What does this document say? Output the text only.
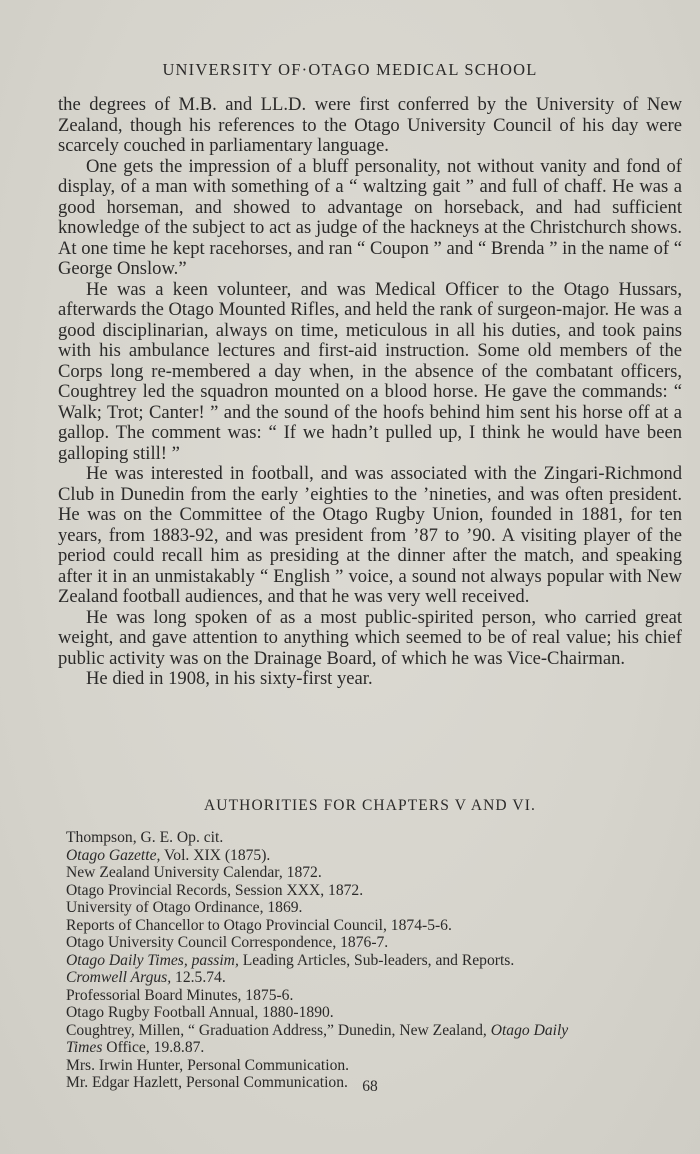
UNIVERSITY OF·OTAGO MEDICAL SCHOOL

the degrees of M.B. and LL.D. were first conferred by the University of New Zealand, though his references to the Otago University Council of his day were scarcely couched in parliamentary language.

One gets the impression of a bluff personality, not without vanity and fond of display, of a man with something of a “ waltzing gait ” and full of chaff. He was a good horseman, and showed to advantage on horseback, and had sufficient knowledge of the subject to act as judge of the hackneys at the Christchurch shows. At one time he kept racehorses, and ran “ Coupon ” and “ Brenda ” in the name of “ George Onslow.”

He was a keen volunteer, and was Medical Officer to the Otago Hussars, afterwards the Otago Mounted Rifles, and held the rank of surgeon-major. He was a good disciplinarian, always on time, meticulous in all his duties, and took pains with his ambulance lectures and first-aid instruction. Some old members of the Corps long re-membered a day when, in the absence of the combatant officers, Coughtrey led the squadron mounted on a blood horse. He gave the commands: “ Walk; Trot; Canter! ” and the sound of the hoofs behind him sent his horse off at a gallop. The comment was: “ If we hadn’t pulled up, I think he would have been galloping still! ”

He was interested in football, and was associated with the Zingari-Richmond Club in Dunedin from the early ’eighties to the ’nineties, and was often president. He was on the Committee of the Otago Rugby Union, founded in 1881, for ten years, from 1883-92, and was president from ’87 to ’90. A visiting player of the period could recall him as presiding at the dinner after the match, and speaking after it in an unmistakably “ English ” voice, a sound not always popular with New Zealand football audiences, and that he was very well received.

He was long spoken of as a most public-spirited person, who carried great weight, and gave attention to anything which seemed to be of real value; his chief public activity was on the Drainage Board, of which he was Vice-Chairman.

He died in 1908, in his sixty-first year.

AUTHORITIES FOR CHAPTERS V AND VI.
Thompson, G. E. Op. cit.
Otago Gazette, Vol. XIX (1875).
New Zealand University Calendar, 1872.
Otago Provincial Records, Session XXX, 1872.
University of Otago Ordinance, 1869.
Reports of Chancellor to Otago Provincial Council, 1874-5-6.
Otago University Council Correspondence, 1876-7.
Otago Daily Times, passim, Leading Articles, Sub-leaders, and Reports.
Cromwell Argus, 12.5.74.
Professorial Board Minutes, 1875-6.
Otago Rugby Football Annual, 1880-1890.
Coughtrey, Millen, “ Graduation Address,” Dunedin, New Zealand, Otago Daily
Times Office, 19.8.87.
Mrs. Irwin Hunter, Personal Communication.
Mr. Edgar Hazlett, Personal Communication. 68
